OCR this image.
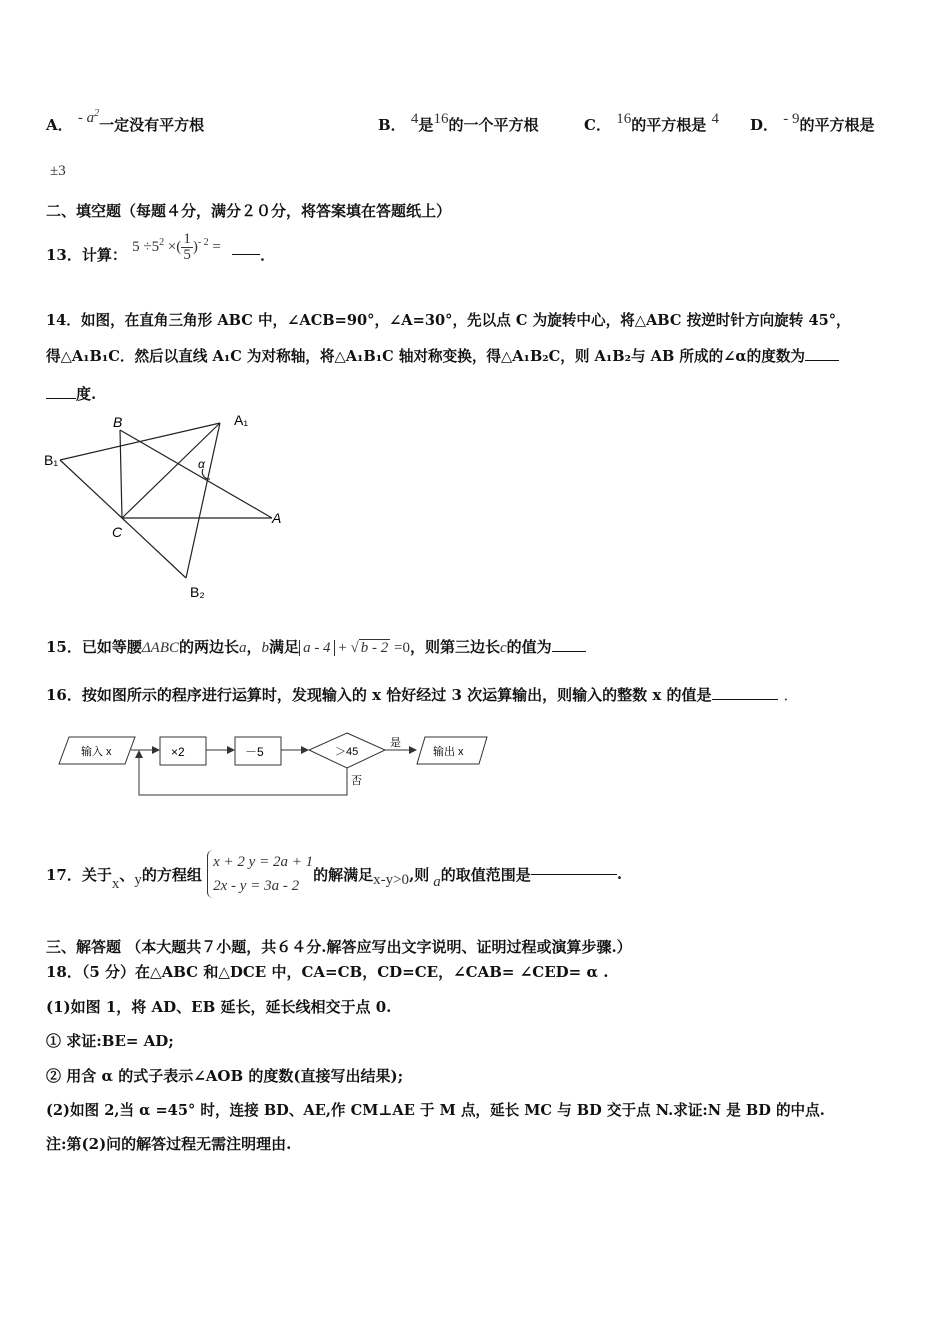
A． - $a^2$一定没有平方根	B． 4是16的一个平方根	C． 16的平方根是 4 D． - 9的平方根是
±3
二、填空题（每题４分，满分２０分，将答案填在答题纸上）
13．计算： $5 \div 5^2$ ×( $\frac{1}{5} )^{- 2}$ =	．
14．如图，在直角三角形 ABC 中，∠ACB=90°，∠A=30°，先以点 C 为旋转中心，将△ABC 按逆时针方向旋转 45°，
得△A₁B₁C．然后以直线 A₁C 为对称轴，将△A₁B₁C 轴对称变换，得△A₁B₂C，则 A₁B₂与 AB 所成的∠α的度数为
度.
B	A₁
B₁	α
C
A
B₂
15．已如等腰ΔABC的两边长a，b满足 a - 4 + √ b - 2 =0，则第三边长c的值为
16．按如图所示的程序进行运算时，发现输入的 x 恰好经过 3 次运算输出，则输入的整数 x 的值是	．
输入 x	×2	－5	＞45
是
输出 x
否
17．关于x、y的方程组
x + 2 y = 2a + 1
2x - y = 3a - 2
的解满足x-y>0,则 a的取值范围是	.
三、解答题 （本大题共７小题，共６４分.解答应写出文字说明、证明过程或演算步骤.）
18．（5 分）在△ABC 和△DCE 中，CA=CB，CD=CE，∠CAB= ∠CED= α .
(1)如图 1，将 AD、EB 延长，延长线相交于点 0.
① 求证:BE= AD;
② 用含 α 的式子表示∠AOB 的度数(直接写出结果);
(2)如图 2,当 α =45° 时，连接 BD、AE,作 CM⊥AE 于 M 点，延长 MC 与 BD 交于点 N.求证:N 是 BD 的中点.
注:第(2)问的解答过程无需注明理由.
